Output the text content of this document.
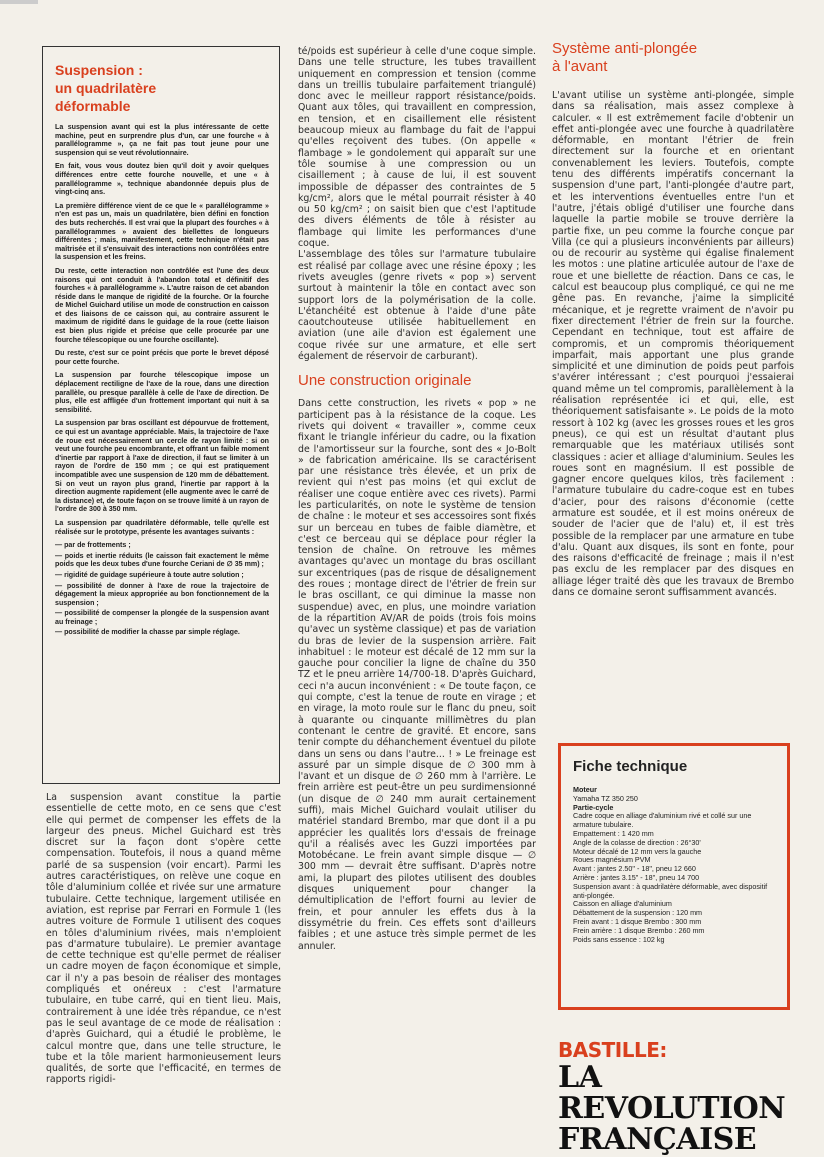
Suspension :
un quadrilatère
déformable

La suspension avant qui est la plus intéressante de cette machine, peut en surprendre plus d'un, car une fourche « à parallélogramme », ça ne fait pas tout jeune pour une suspension qui se veut révolutionnaire.

En fait, vous vous doutez bien qu'il doit y avoir quelques différences entre cette fourche nouvelle, et une « à parallélogramme », technique abandonnée depuis plus de vingt-cinq ans.

La première différence vient de ce que le « parallélogramme » n'en est pas un, mais un quadrilatère, bien défini en fonction des buts recherchés. Il est vrai que la plupart des fourches « à parallélogrammes » avaient des biellettes de longueurs différentes ; mais, manifestement, cette technique n'était pas maîtrisée et il s'ensuivait des interactions non contrôlées entre la suspension et les freins.

Du reste, cette interaction non contrôlée est l'une des deux raisons qui ont conduit à l'abandon total et définitif des fourches « à parallélogramme ». L'autre raison de cet abandon réside dans le manque de rigidité de la fourche. Or la fourche de Michel Guichard utilise un mode de construction en caisson et des liaisons de ce caisson qui, au contraire assurent le maximum de rigidité dans le guidage de la roue (cette liaison est bien plus rigide et précise que celle procurée par une fourche télescopique ou une fourche oscillante).

Du reste, c'est sur ce point précis que porte le brevet déposé pour cette fourche.

La suspension par fourche télescopique impose un déplacement rectiligne de l'axe de la roue, dans une direction parallèle, ou presque parallèle à celle de l'axe de direction. De plus, elle est affligée d'un frottement important qui nuit à sa sensibilité.

La suspension par bras oscillant est dépourvue de frottement, ce qui est un avantage appréciable. Mais, la trajectoire de l'axe de roue est nécessairement un cercle de rayon limité : si on veut une fourche peu encombrante, et offrant un faible moment d'inertie par rapport à l'axe de direction, il faut se limiter à un rayon de l'ordre de 150 mm ; ce qui est pratiquement incompatible avec une suspension de 120 mm de débattement. Si on veut un rayon plus grand, l'inertie par rapport à la direction augmente rapidement (elle augmente avec le carré de la distance) et, de toute façon on se trouve limité à un rayon de l'ordre de 300 à 350 mm.

La suspension par quadrilatère déformable, telle qu'elle est réalisée sur le prototype, présente les avantages suivants :

— par de frottements ;

— poids et inertie réduits (le caisson fait exactement le même poids que les deux tubes d'une fourche Ceriani de ∅ 35 mm) ;

— rigidité de guidage supérieure à toute autre solution ;

— possibilité de donner à l'axe de roue la trajectoire de dégagement la mieux appropriée au bon fonctionnement de la suspension ;

— possibilité de compenser la plongée de la suspension avant au freinage ;

— possibilité de modifier la chasse par simple réglage.

La suspension avant constitue la partie essentielle de cette moto, en ce sens que c'est elle qui permet de compenser les effets de la largeur des pneus. Michel Guichard est très discret sur la façon dont s'opère cette compensation. Toutefois, il nous a quand même parlé de sa suspension (voir encart). Parmi les autres caractéristiques, on relève une coque en tôle d'aluminium collée et rivée sur une armature tubulaire. Cette technique, largement utilisée en aviation, est reprise par Ferrari en Formule 1 (les autres voiture de Formule 1 utilisent des coques en tôles d'aluminium rivées, mais n'emploient pas d'armature tubulaire). Le premier avantage de cette technique est qu'elle permet de réaliser un cadre moyen de façon économique et simple, car il n'y a pas besoin de réaliser des montages compliqués et onéreux : c'est l'armature tubulaire, en tube carré, qui en tient lieu. Mais, contrairement à une idée très répandue, ce n'est pas le seul avantage de ce mode de réalisation : d'après Guichard, qui a étudié le problème, le calcul montre que, dans une telle structure, le tube et la tôle marient harmonieusement leurs qualités, de sorte que l'efficacité, en termes de rapports rigidi-

té/poids est supérieur à celle d'une coque simple. Dans une telle structure, les tubes travaillent uniquement en compression et tension (comme dans un treillis tubulaire parfaitement triangulé) donc avec le meilleur rapport résistance/poids. Quant aux tôles, qui travaillent en compression, en tension, et en cisaillement elle résistent beaucoup mieux au flambage du fait de l'appui qu'elles reçoivent des tubes. (On appelle « flambage » le gondolement qui apparaît sur une tôle soumise à une compression ou un cisaillement ; à cause de lui, il est souvent impossible de dépasser des contraintes de 5 kg/cm², alors que le métal pourrait résister à 40 ou 50 kg/cm² ; on saisit bien que c'est l'aptitude des divers éléments de tôle à résister au flambage qui limite les performances d'une coque.

L'assemblage des tôles sur l'armature tubulaire est réalisé par collage avec une résine époxy ; les rivets aveugles (genre rivets « pop ») servent surtout à maintenir la tôle en contact avec son support lors de la polymérisation de la colle. L'étanchéité est obtenue à l'aide d'une pâte caoutchouteuse utilisée habituellement en aviation (une aile d'avion est également une coque rivée sur une armature, et elle sert également de réservoir de carburant).

Une construction originale

Dans cette construction, les rivets « pop » ne participent pas à la résistance de la coque. Les rivets qui doivent « travailler », comme ceux fixant le triangle inférieur du cadre, ou la fixation de l'amortisseur sur la fourche, sont des « Jo-Bolt » de fabrication américaine. Ils se caractérisent par une résistance très élevée, et un prix de revient qui n'est pas moins (et qui exclut de réaliser une coque entière avec ces rivets). Parmi les particularités, on note le système de tension de chaîne : le moteur et ses accessoires sont fixés sur un berceau en tubes de faible diamètre, et c'est ce berceau qui se déplace pour régler la tension de chaîne. On retrouve les mêmes avantages qu'avec un montage du bras oscillant sur excentriques (pas de risque de désalignement des roues ; montage direct de l'étrier de frein sur le bras oscillant, ce qui diminue la masse non suspendue) avec, en plus, une moindre variation de la répartition AV/AR de poids (trois fois moins qu'avec un système classique) et pas de variation du bras de levier de la suspension arrière. Fait inhabituel : le moteur est décalé de 12 mm sur la gauche pour concilier la ligne de chaîne du 350 TZ et le pneu arrière 14/700-18. D'après Guichard, ceci n'a aucun inconvénient : « De toute façon, ce qui compte, c'est la tenue de route en virage ; et en virage, la moto roule sur le flanc du pneu, soit à quarante ou cinquante millimètres du plan contenant le centre de gravité. Et encore, sans tenir compte du déhanchement éventuel du pilote dans un sens ou dans l'autre... ! » Le freinage est assuré par un simple disque de ∅ 300 mm à l'avant et un disque de ∅ 260 mm à l'arrière. Le frein arrière est peut-être un peu surdimensionné (un disque de ∅ 240 mm aurait certainement suffi), mais Michel Guichard voulait utiliser du matériel standard Brembo, mar que dont il a pu apprécier les qualités lors d'essais de freinage qu'il a réalisés avec les Guzzi importées par Motobécane. Le frein avant simple disque — ∅ 300 mm — devrait être suffisant. D'après notre ami, la plupart des pilotes utilisent des doubles disques uniquement pour changer la démultiplication de l'effort fourni au levier de frein, et pour annuler les effets dus à la dissymétrie du frein. Ces effets sont d'ailleurs faibles ; et une astuce très simple permet de les annuler.

Système anti-plongée
à l'avant

L'avant utilise un système anti-plongée, simple dans sa réalisation, mais assez complexe à calculer. « Il est extrêmement facile d'obtenir un effet anti-plongée avec une fourche à quadrilatère déformable, en montant l'étrier de frein directement sur la fourche et en orientant convenablement les leviers. Toutefois, compte tenu des différents impératifs concernant la suspension d'une part, l'anti-plongée d'autre part, et les interventions éventuelles entre l'un et l'autre, j'étais obligé d'utiliser une fourche dans laquelle la partie mobile se trouve derrière la partie fixe, un peu comme la fourche conçue par Villa (ce qui a plusieurs inconvénients par ailleurs) ou de recourir au système qui égalise finalement les motos : une platine articulée autour de l'axe de roue et une biellette de réaction. Dans ce cas, le calcul est beaucoup plus compliqué, ce qui ne me gêne pas. En revanche, j'aime la simplicité mécanique, et je regrette vraiment de n'avoir pu fixer directement l'étrier de frein sur la fourche. Cependant en technique, tout est affaire de compromis, et un compromis théoriquement imparfait, mais apportant une plus grande simplicité et une diminution de poids peut parfois s'avérer intéressant ; c'est pourquoi j'essaierai quand même un tel compromis, parallèlement à la réalisation représentée ici et qui, elle, est théoriquement satisfaisante ». Le poids de la moto ressort à 102 kg (avec les grosses roues et les gros pneus), ce qui est un résultat d'autant plus remarquable que les matériaux utilisés sont classiques : acier et alliage d'aluminium. Seules les roues sont en magnésium. Il est possible de gagner encore quelques kilos, très facilement : l'armature tubulaire du cadre-coque est en tubes d'acier, pour des raisons d'économie (cette armature est soudée, et il est moins onéreux de souder de l'acier que de l'alu) et, il est très possible de la remplacer par une armature en tube d'alu. Quant aux disques, ils sont en fonte, pour des raisons d'efficacité de freinage ; mais il n'est pas exclu de les remplacer par des disques en alliage léger traité dès que les travaux de Brembo dans ce domaine seront suffisamment avancés.

Fiche technique

Moteur

Yamaha TZ 350 250

Partie-cycle

Cadre coque en alliage d'aluminium rivé et collé sur une armature tubulaire.

Empattement : 1 420 mm

Angle de la colasse de direction : 26°30'

Moteur décalé de 12 mm vers la gauche

Roues magnésium PVM

Avant : jantes 2.50" - 18", pneu 12 660

Arrière : jantes 3.15" - 18", pneu 14 700

Suspension avant : à quadrilatère déformable, avec dispositif anti-plongée.

Caisson en alliage d'aluminium

Débattement de la suspension : 120 mm

Frein avant : 1 disque Brembo : 300 mm

Frein arrière : 1 disque Brembo : 260 mm

Poids sans essence : 102 kg

BASTILLE:
LA REVOLUTION
FRANÇAISE
